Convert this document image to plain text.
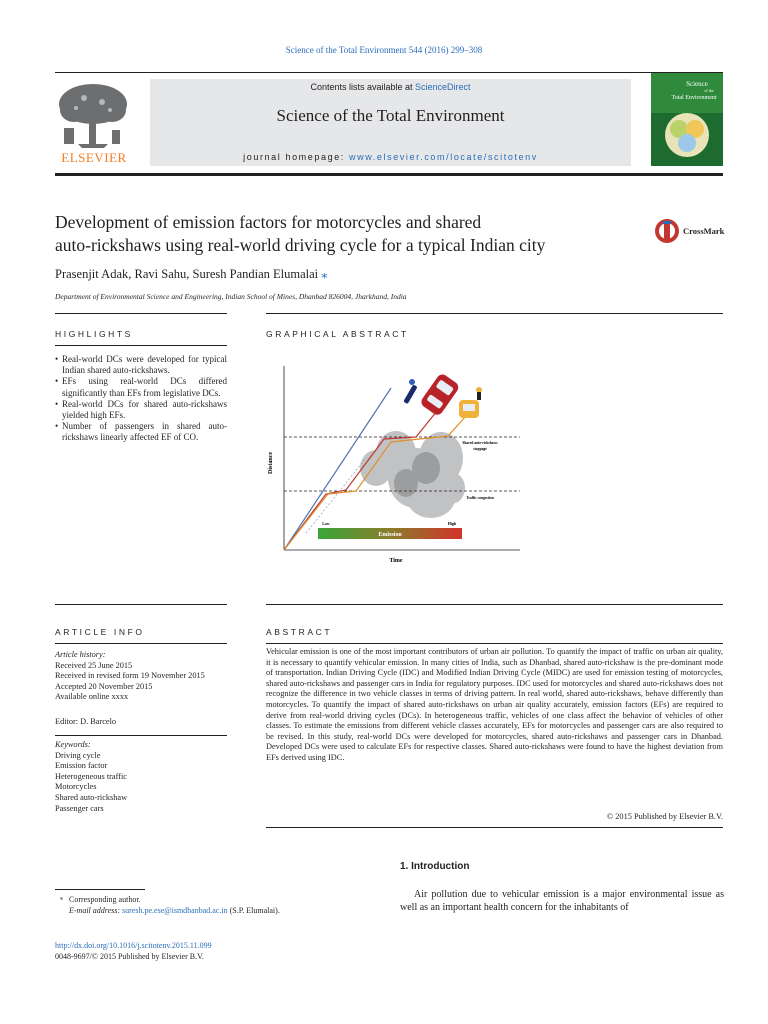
Science of the Total Environment 544 (2016) 299–308
ELSEVIER
Contents lists available at ScienceDirect
Science of the Total Environment
journal homepage: www.elsevier.com/locate/scitotenv
Science
of the
Total Environment
Development of emission factors for motorcycles and shared
auto-rickshaws using real-world driving cycle for a typical Indian city
CrossMark
Prasenjit Adak, Ravi Sahu, Suresh Pandian Elumalai ⁎
Department of Environmental Science and Engineering, Indian School of Mines, Dhanbad 826004, Jharkhand, India
HIGHLIGHTS
• Real-world DCs were developed for typical Indian shared auto-rickshaws.
• EFs using real-world DCs differed significantly than EFs from legislative DCs.
• Real-world DCs for shared auto-rickshaws yielded high EFs.
• Number of passengers in shared auto-rickshaws linearly affected EF of CO.
GRAPHICAL ABSTRACT
Distance
Time
Shared auto-rickshaws
stoppage
Traffic congestion
Emission
Low	High
ARTICLE INFO
Article history:
Received 25 June 2015
Received in revised form 19 November 2015
Accepted 20 November 2015
Available online xxxx
Editor: D. Barcelo
Keywords:
Driving cycle
Emission factor
Heterogeneous traffic
Motorcycles
Shared auto-rickshaw
Passenger cars
ABSTRACT
Vehicular emission is one of the most important contributors of urban air pollution. To quantify the impact of traffic on urban air quality, it is necessary to quantify vehicular emission. In many cities of India, such as Dhanbad, shared auto-rickshaw is the pre-dominant mode of transportation. Indian Driving Cycle (IDC) and Modified Indian Driving Cycle (MIDC) are used for emission testing of motorcycles, shared auto-rickshaws and passenger cars in India for regulatory purposes. IDC used for motorcycles and shared auto-rickshaws does not recognize the difference in two vehicle classes in terms of driving pattern. In real world, shared auto-rickshaws, behave differently than motorcycles. To quantify the impact of shared auto-rickshaws on urban air quality accurately, emission factors (EFs) are required to derive from real-world driving cycles (DCs). In heterogeneous traffic, vehicles of one class affect the behavior of vehicles of other classes. To estimate the emissions from different vehicle classes accurately, EFs for motorcycles and passenger cars are also required to be revised. In this study, real-world DCs were developed for motorcycles, shared auto-rickshaws and passenger cars in Dhanbad. Developed DCs were used to calculate EFs for respective classes. Shared auto-rickshaws were found to have the highest deviation from EFs derived using IDC.
© 2015 Published by Elsevier B.V.
1. Introduction
Air pollution due to vehicular emission is a major environmental issue as well as an important health concern for the inhabitants of
⁎ Corresponding author.
E-mail address: suresh.pe.ese@ismdhanbad.ac.in (S.P. Elumalai).
http://dx.doi.org/10.1016/j.scitotenv.2015.11.099
0048-9697/© 2015 Published by Elsevier B.V.
